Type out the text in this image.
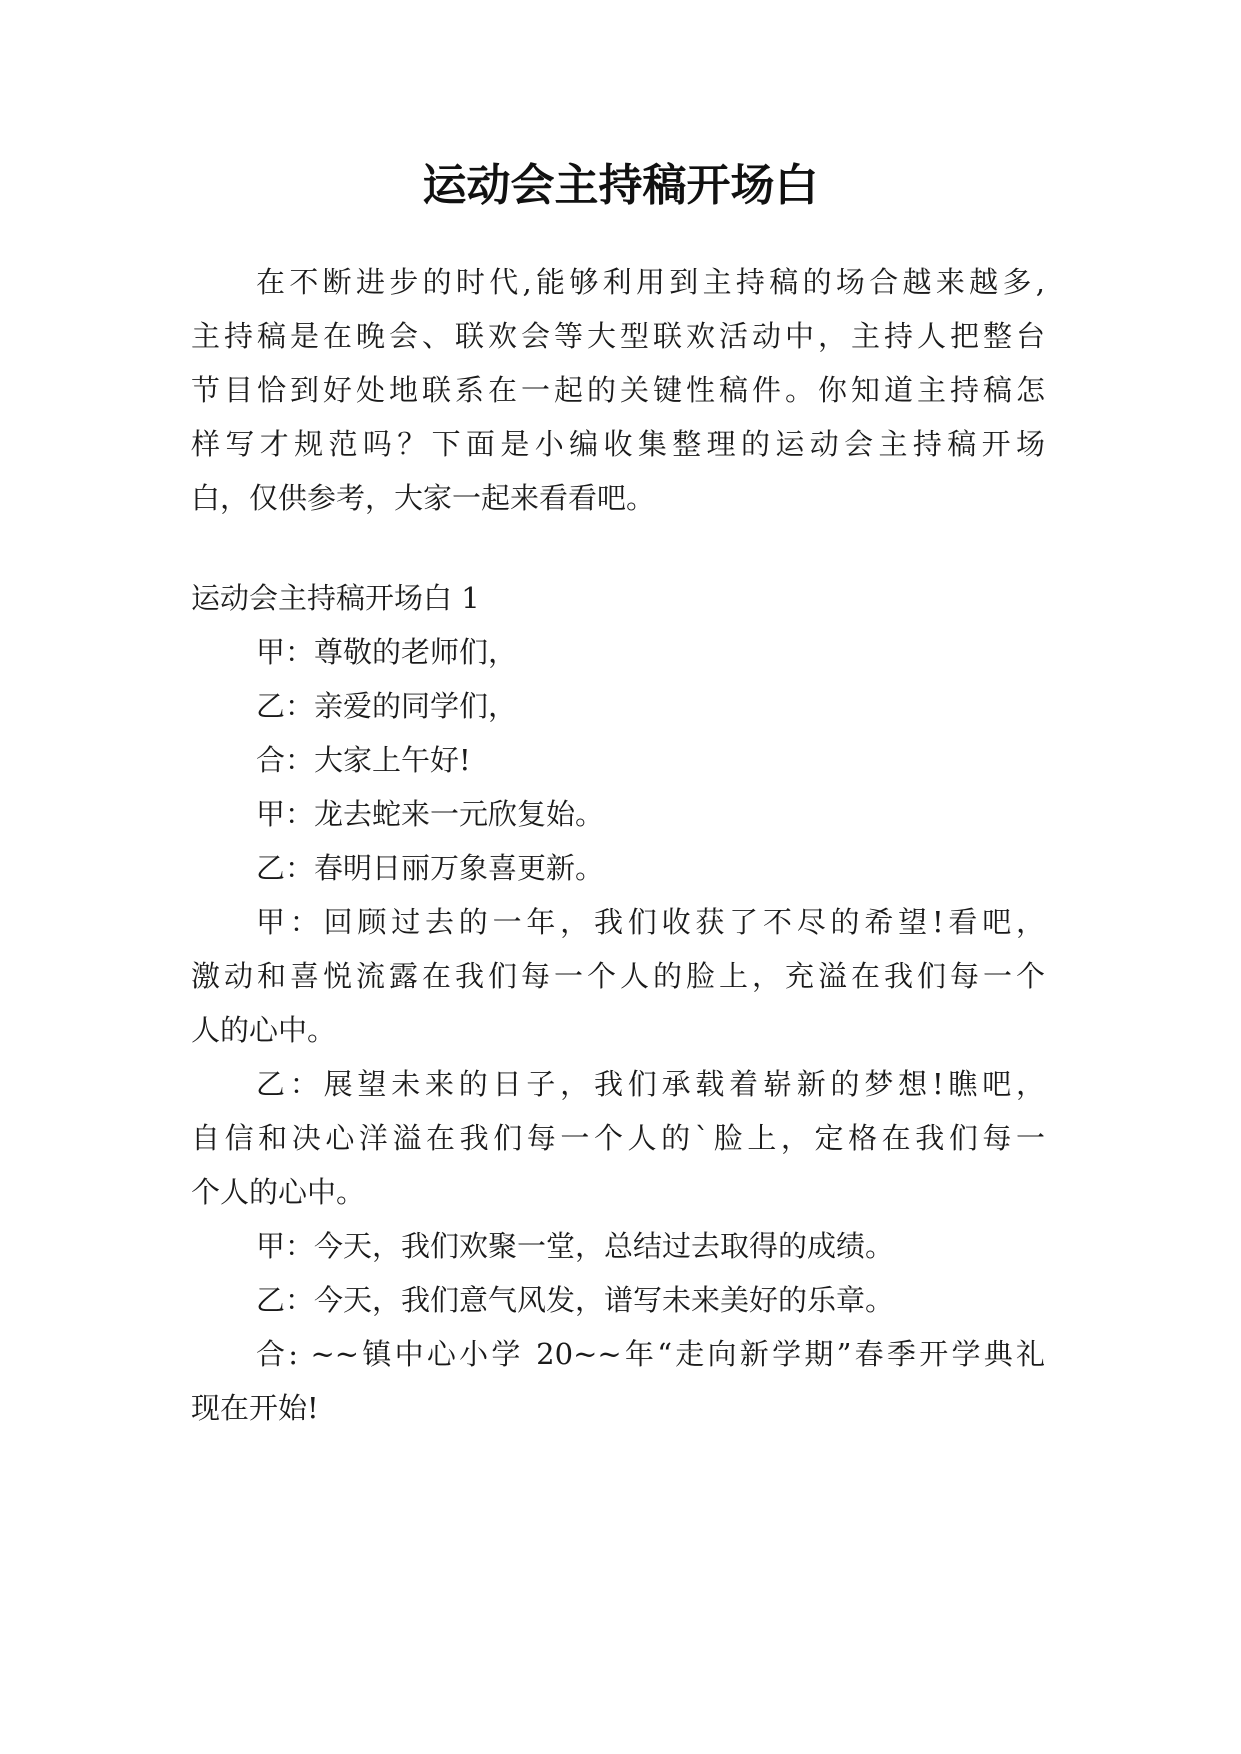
运动会主持稿开场白

在不断进步的时代,能够利用到主持稿的场合越来越多,

主持稿是在晚会、联欢会等大型联欢活动中，主持人把整台

节目恰到好处地联系在一起的关键性稿件。你知道主持稿怎

样写才规范吗？下面是小编收集整理的运动会主持稿开场

白，仅供参考，大家一起来看看吧。

运动会主持稿开场白 1

甲：尊敬的老师们，

乙：亲爱的同学们，

合：大家上午好!

甲：龙去蛇来一元欣复始。

乙：春明日丽万象喜更新。

甲：回顾过去的一年，我们收获了不尽的希望!看吧，

激动和喜悦流露在我们每一个人的脸上，充溢在我们每一个

人的心中。

乙：展望未来的日子，我们承载着崭新的梦想!瞧吧，

自信和决心洋溢在我们每一个人的`脸上，定格在我们每一

个人的心中。

甲：今天，我们欢聚一堂，总结过去取得的成绩。

乙：今天，我们意气风发，谱写未来美好的乐章。

合: ~~镇中心小学 20~~年“走向新学期”春季开学典礼

现在开始!
